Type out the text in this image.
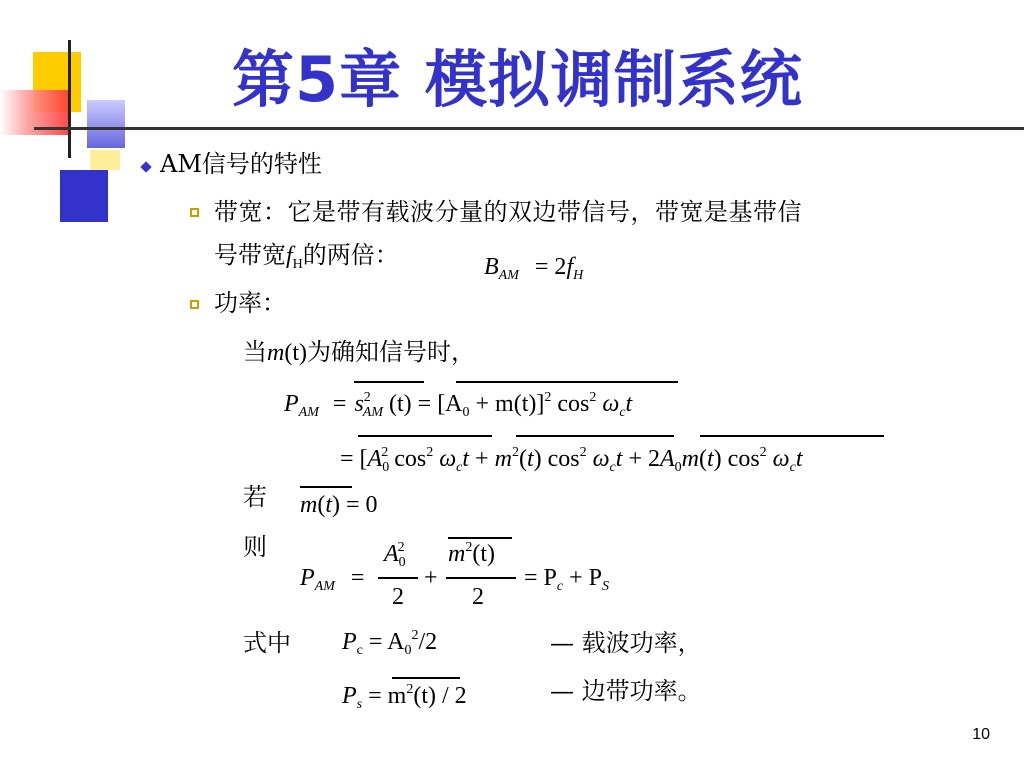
第5章 模拟调制系统
AM信号的特性
带宽：它是带有载波分量的双边带信号，带宽是基带信
号带宽$f_H$的两倍：	$B_{AM} = 2f_H$
功率：
当m(t)为确知信号时，
$P_{AM} = s^2_{AM}$ $(t) = [A_0 + m(t)]^2$ $\cos^2 \omega_ct$
= [$A_0^2$ $\cos^2 \omega_ct + m^2(t)$ $\cos^2 \omega_ct + 2A_0m(t)$ $\cos^2 \omega_ct$
若 m(t) = 0
则
$P_{AM}$ =
$A_0^2$
2
+
$m^2(t)$
2
= $P_c + P_S$
式中 $P_c = A_0^2/2$	— 载波功率，
$P_s = m^2(t) / 2$	— 边带功率。
10
